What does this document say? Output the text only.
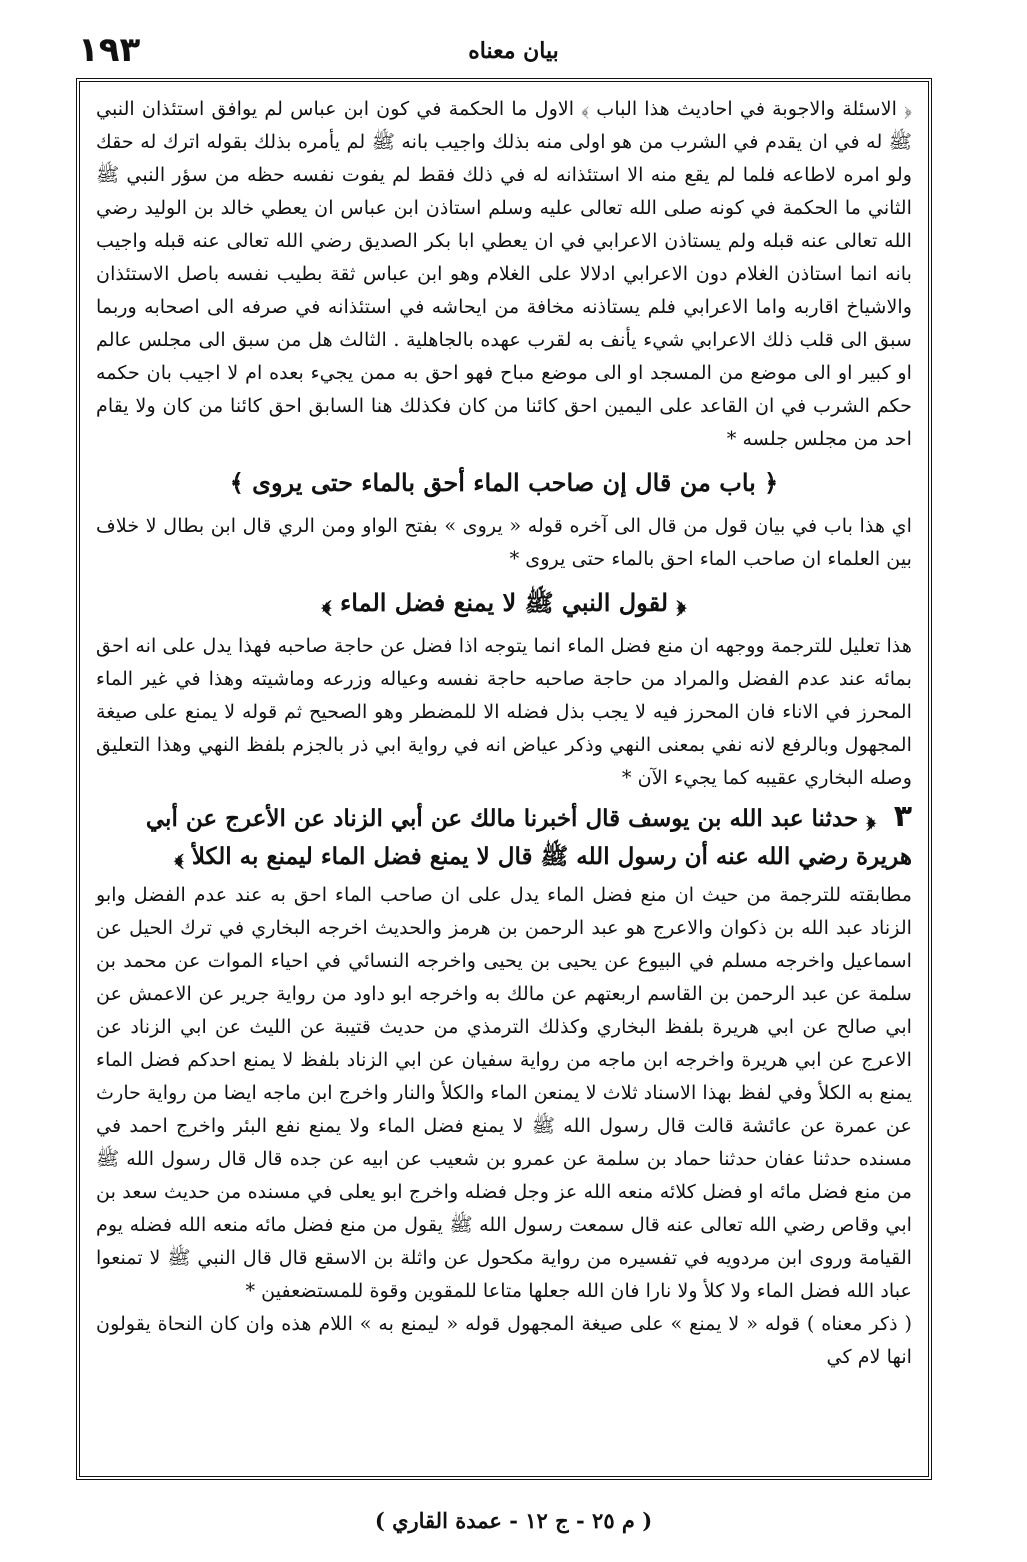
١٩٣	بيان معناه

﴿ الاسئلة والاجوبة في احاديث هذا الباب ﴾ الاول ما الحكمة في كون ابن عباس لم يوافق استئذان النبي ﷺ له في ان يقدم في الشرب من هو اولى منه بذلك واجيب بانه ﷺ لم يأمره بذلك بقوله اترك له حقك ولو امره لاطاعه فلما لم يقع منه الا استئذانه له في ذلك فقط لم يفوت نفسه حظه من سؤر النبي ﷺ الثاني ما الحكمة في كونه صلى الله تعالى عليه وسلم استاذن ابن عباس ان يعطي خالد بن الوليد رضي الله تعالى عنه قبله ولم يستاذن الاعرابي في ان يعطي ابا بكر الصديق رضي الله تعالى عنه قبله واجيب بانه انما استاذن الغلام دون الاعرابي ادلالا على الغلام وهو ابن عباس ثقة بطيب نفسه باصل الاستئذان والاشياخ اقاربه واما الاعرابي فلم يستاذنه مخافة من ايحاشه في استئذانه في صرفه الى اصحابه وربما سبق الى قلب ذلك الاعرابي شيء يأنف به لقرب عهده بالجاهلية . الثالث هل من سبق الى مجلس عالم او كبير او الى موضع من المسجد او الى موضع مباح فهو احق به ممن يجيء بعده ام لا اجيب بان حكمه حكم الشرب في ان القاعد على اليمين احق كائنا من كان فكذلك هنا السابق احق كائنا من كان ولا يقام احد من مجلس جلسه *

﴿ باب من قال إن صاحب الماء أحق بالماء حتى يروى ﴾

اي هذا باب في بيان قول من قال الى آخره قوله « يروى » بفتح الواو ومن الري قال ابن بطال لا خلاف بين العلماء ان صاحب الماء احق بالماء حتى يروى *

﴿ لقول النبي ﷺ لا يمنع فضل الماء ﴾

هذا تعليل للترجمة ووجهه ان منع فضل الماء انما يتوجه اذا فضل عن حاجة صاحبه فهذا يدل على انه احق بمائه عند عدم الفضل والمراد من حاجة صاحبه حاجة نفسه وعياله وزرعه وماشيته وهذا في غير الماء المحرز في الاناء فان المحرز فيه لا يجب بذل فضله الا للمضطر وهو الصحيح ثم قوله لا يمنع على صيغة المجهول وبالرفع لانه نفي بمعنى النهي وذكر عياض انه في رواية ابي ذر بالجزم بلفظ النهي وهذا التعليق وصله البخاري عقيبه كما يجيء الآن *

٣ ﴿ حدثنا عبد الله بن يوسف قال أخبرنا مالك عن أبي الزناد عن الأعرج عن أبي هريرة رضي الله عنه أن رسول الله ﷺ قال لا يمنع فضل الماء ليمنع به الكلأ ﴾

مطابقته للترجمة من حيث ان منع فضل الماء يدل على ان صاحب الماء احق به عند عدم الفضل وابو الزناد عبد الله بن ذكوان والاعرج هو عبد الرحمن بن هرمز والحديث اخرجه البخاري في ترك الحيل عن اسماعيل واخرجه مسلم في البيوع عن يحيى بن يحيى واخرجه النسائي في احياء الموات عن محمد بن سلمة عن عبد الرحمن بن القاسم اربعتهم عن مالك به واخرجه ابو داود من رواية جرير عن الاعمش عن ابي صالح عن ابي هريرة بلفظ البخاري وكذلك الترمذي من حديث قتيبة عن الليث عن ابي الزناد عن الاعرج عن ابي هريرة واخرجه ابن ماجه من رواية سفيان عن ابي الزناد بلفظ لا يمنع احدكم فضل الماء يمنع به الكلأ وفي لفظ بهذا الاسناد ثلاث لا يمنعن الماء والكلأ والنار واخرج ابن ماجه ايضا من رواية حارث عن عمرة عن عائشة قالت قال رسول الله ﷺ لا يمنع فضل الماء ولا يمنع نفع البئر واخرج احمد في مسنده حدثنا عفان حدثنا حماد بن سلمة عن عمرو بن شعيب عن ابيه عن جده قال قال رسول الله ﷺ من منع فضل مائه او فضل كلائه منعه الله عز وجل فضله واخرج ابو يعلى في مسنده من حديث سعد بن ابي وقاص رضي الله تعالى عنه قال سمعت رسول الله ﷺ يقول من منع فضل مائه منعه الله فضله يوم القيامة وروى ابن مردويه في تفسيره من رواية مكحول عن واثلة بن الاسقع قال قال النبي ﷺ لا تمنعوا عباد الله فضل الماء ولا كلأ ولا نارا فان الله جعلها متاعا للمقوين وقوة للمستضعفين *

( ذكر معناه ) قوله « لا يمنع » على صيغة المجهول قوله « ليمنع به » اللام هذه وان كان النحاة يقولون انها لام كي

( م ٢٥ - ج ١٢ - عمدة القاري )
